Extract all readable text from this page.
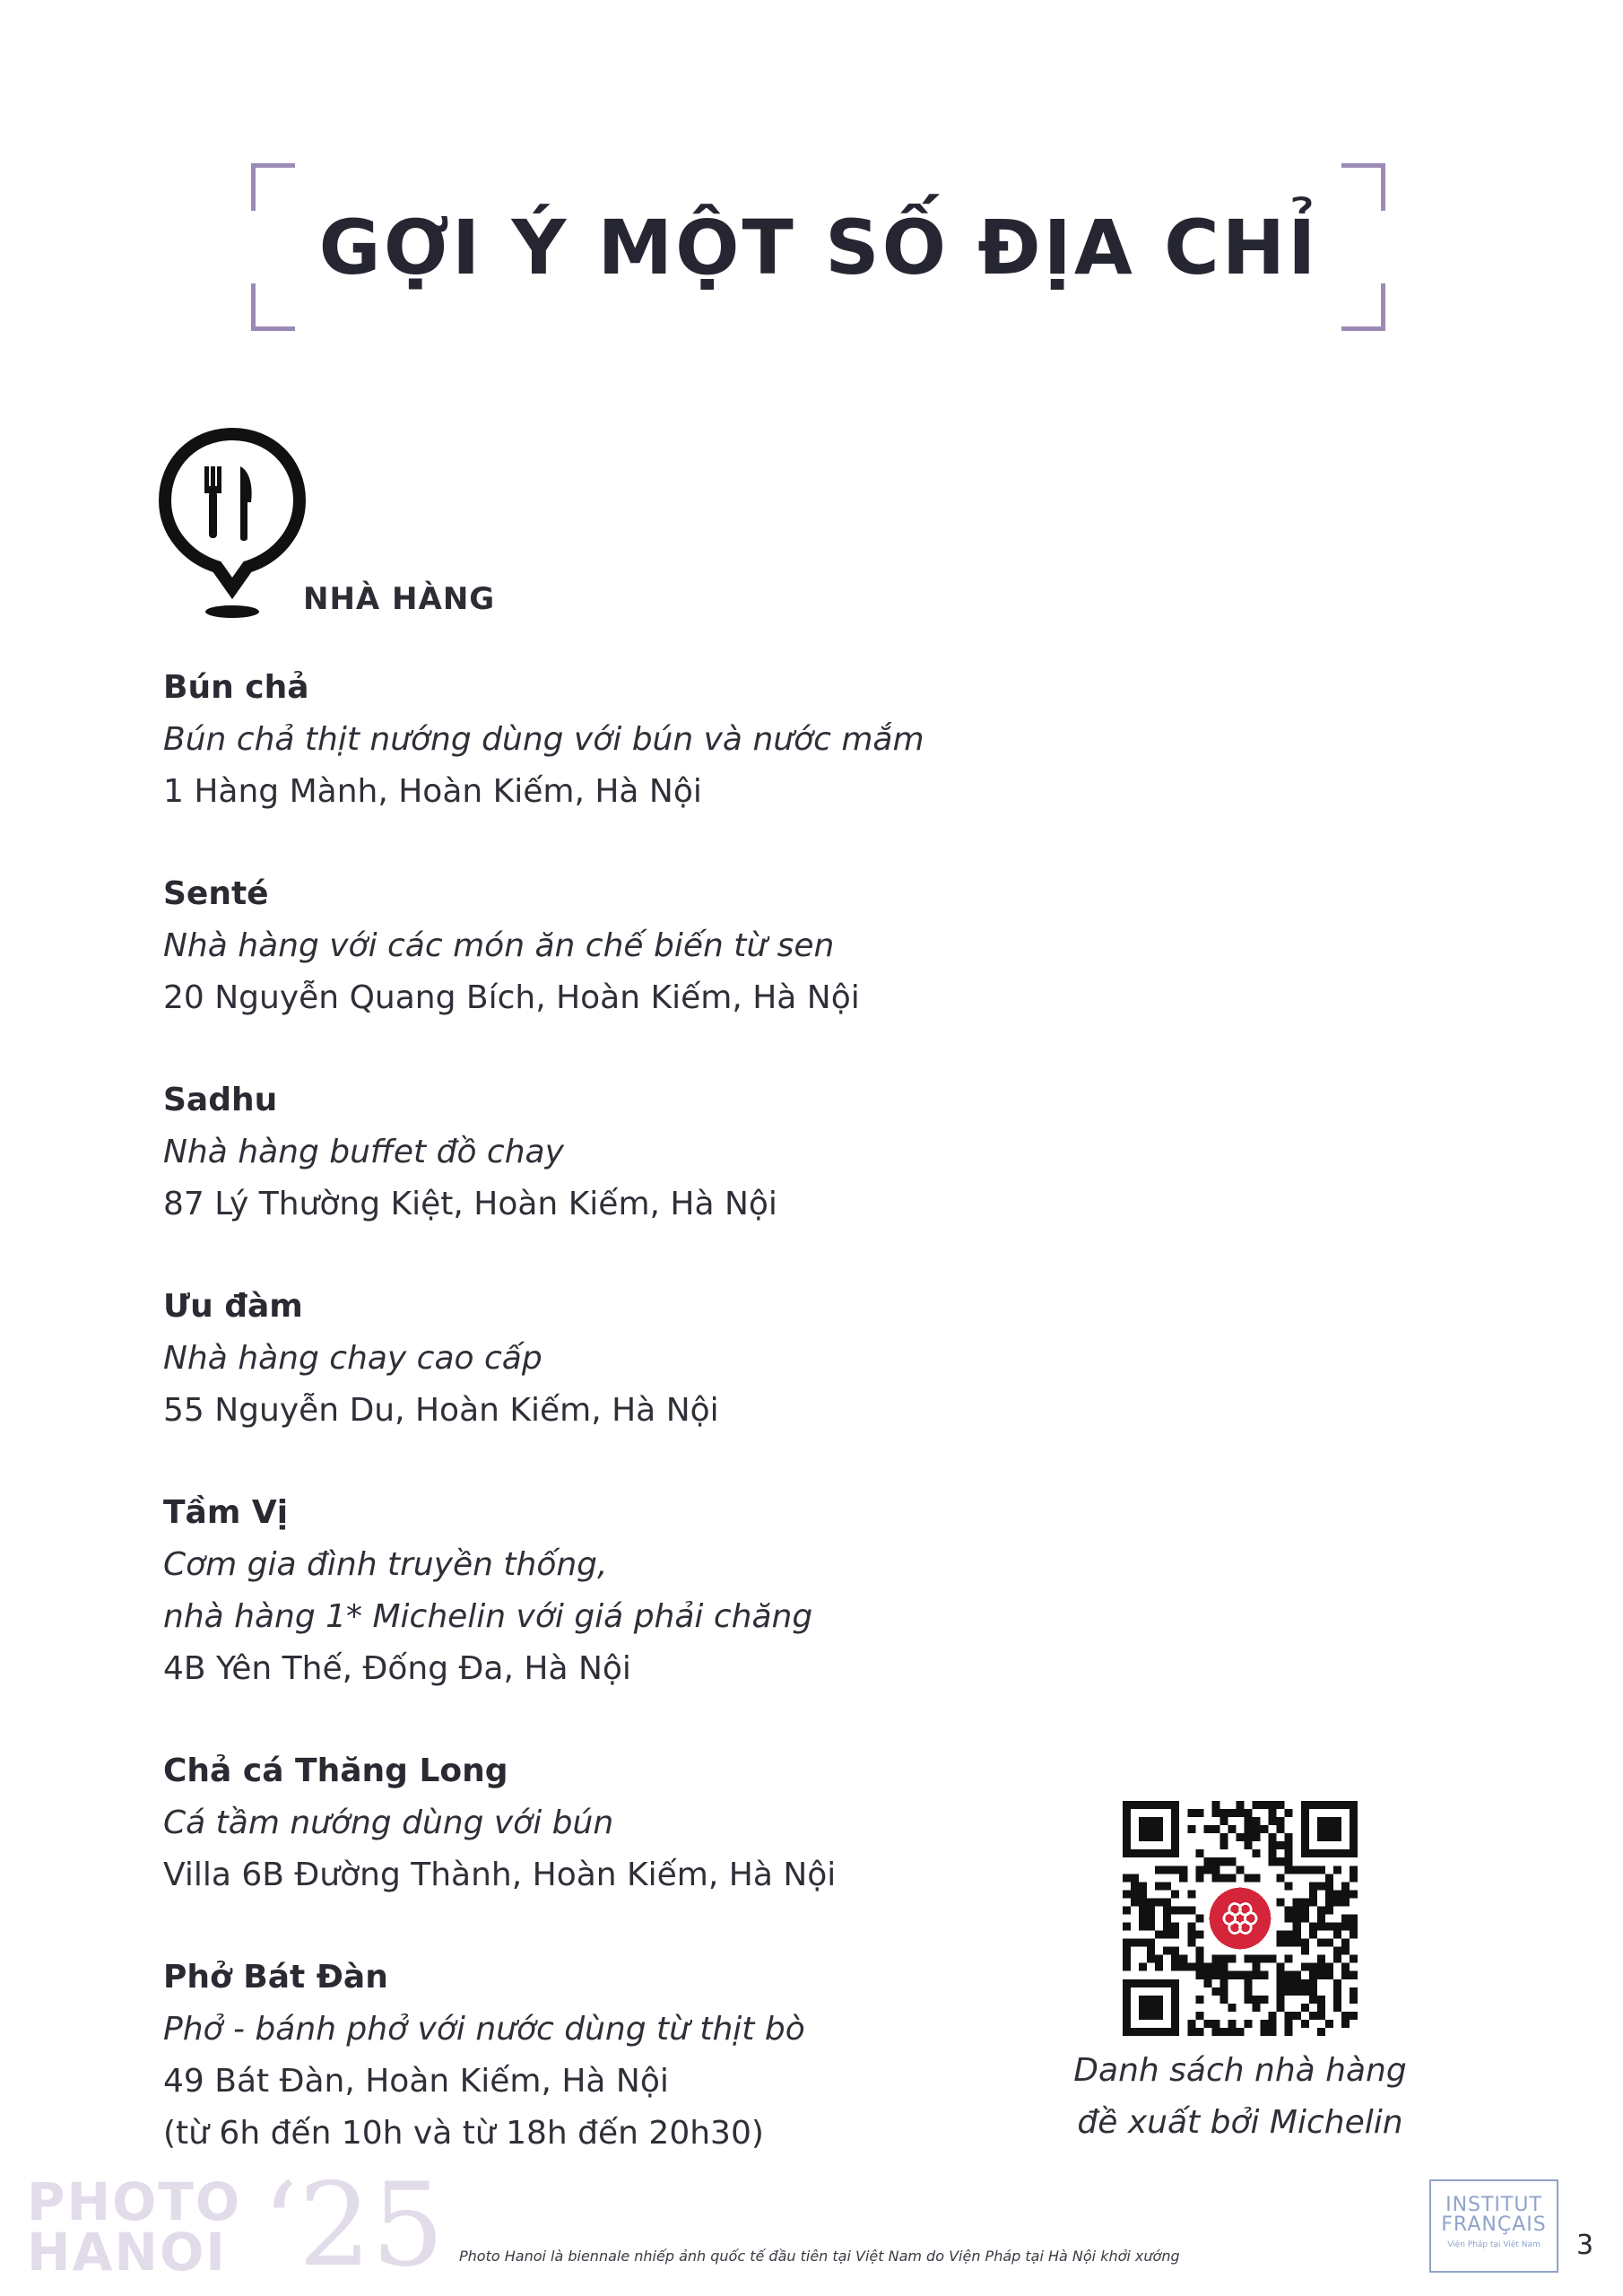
GỢI Ý MỘT SỐ ĐỊA CHỈ
NHÀ HÀNG
Bún chả
Bún chả thịt nướng dùng với bún và nước mắm
1 Hàng Mành, Hoàn Kiếm, Hà Nội
Senté
Nhà hàng với các món ăn chế biến từ sen
20 Nguyễn Quang Bích, Hoàn Kiếm, Hà Nội
Sadhu
Nhà hàng buffet đồ chay
87 Lý Thường Kiệt, Hoàn Kiếm, Hà Nội
Ưu đàm
Nhà hàng chay cao cấp
55 Nguyễn Du, Hoàn Kiếm, Hà Nội
Tầm Vị
Cơm gia đình truyền thống,
nhà hàng 1* Michelin với giá phải chăng
4B Yên Thế, Đống Đa, Hà Nội
Chả cá Thăng Long
Cá tầm nướng dùng với bún
Villa 6B Đường Thành, Hoàn Kiếm, Hà Nội
Phở Bát Đàn
Phở - bánh phở với nước dùng từ thịt bò
49 Bát Đàn, Hoàn Kiếm, Hà Nội
(từ 6h đến 10h và từ 18h đến 20h30)
Danh sách nhà hàng
đề xuất bởi Michelin
PHOTO
HANOI ‘25 Photo Hanoi là biennale nhiếp ảnh quốc tế đầu tiên tại Việt Nam do Viện Pháp tại Hà Nội khởi xướng
INSTITUT
FRANÇAIS
Viện Pháp tại Việt Nam	3
